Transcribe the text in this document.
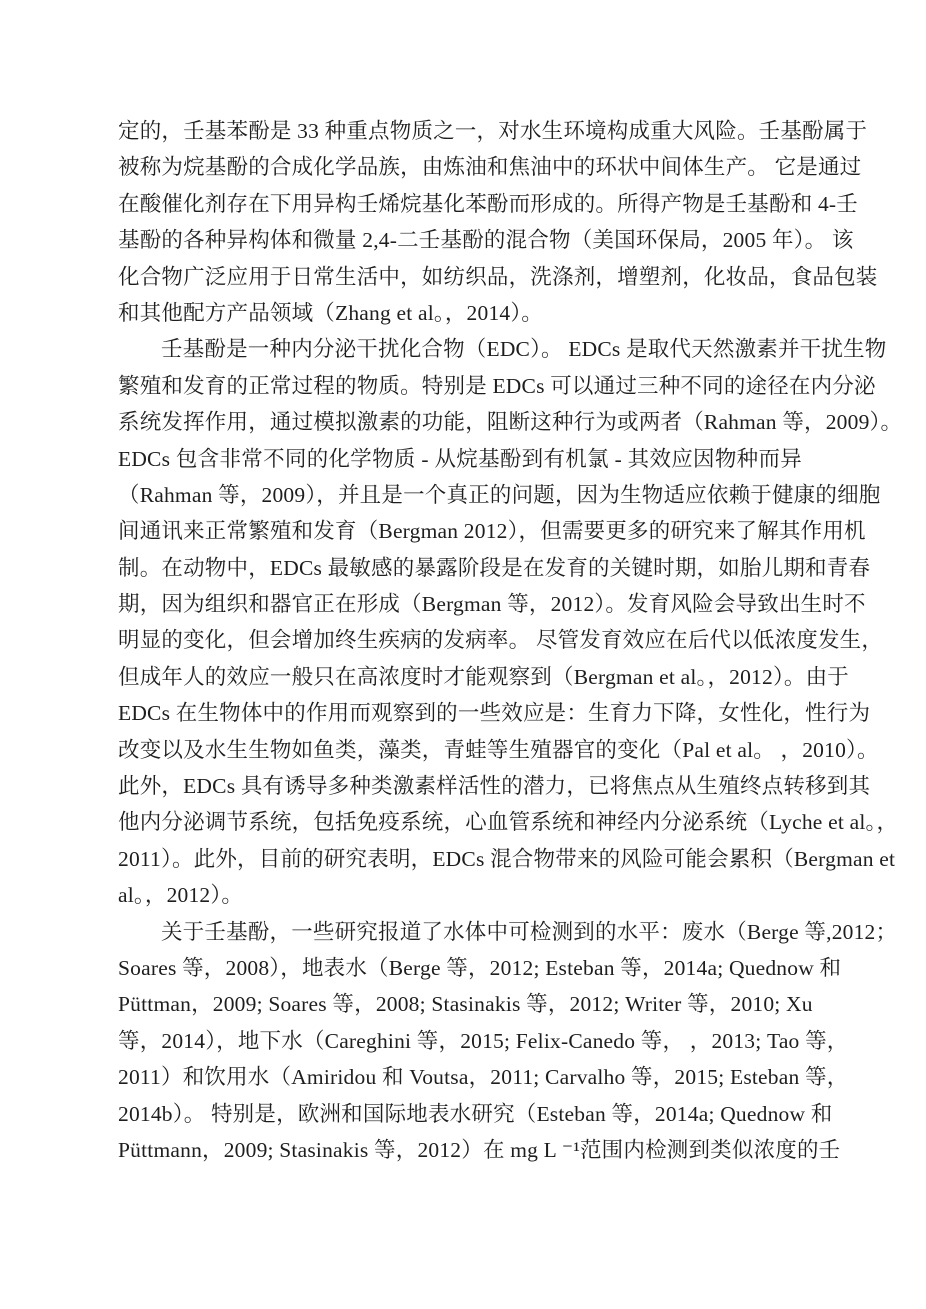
定的，壬基苯酚是 33 种重点物质之一，对水生环境构成重大风险。壬基酚属于
被称为烷基酚的合成化学品族，由炼油和焦油中的环状中间体生产。 它是通过
在酸催化剂存在下用异构壬烯烷基化苯酚而形成的。所得产物是壬基酚和 4-壬
基酚的各种异构体和微量 2,4-二壬基酚的混合物（美国环保局，2005 年）。 该
化合物广泛应用于日常生活中，如纺织品，洗涤剂，增塑剂，化妆品，食品包装
和其他配方产品领域（Zhang et al。，2014）。
壬基酚是一种内分泌干扰化合物（EDC）。 EDCs 是取代天然激素并干扰生物
繁殖和发育的正常过程的物质。特别是 EDCs 可以通过三种不同的途径在内分泌
系统发挥作用，通过模拟激素的功能，阻断这种行为或两者（Rahman 等，2009）。
EDCs 包含非常不同的化学物质 - 从烷基酚到有机氯 - 其效应因物种而异
（Rahman 等，2009），并且是一个真正的问题，因为生物适应依赖于健康的细胞
间通讯来正常繁殖和发育（Bergman 2012），但需要更多的研究来了解其作用机
制。在动物中，EDCs 最敏感的暴露阶段是在发育的关键时期，如胎儿期和青春
期，因为组织和器官正在形成（Bergman 等，2012）。发育风险会导致出生时不
明显的变化，但会增加终生疾病的发病率。 尽管发育效应在后代以低浓度发生，
但成年人的效应一般只在高浓度时才能观察到（Bergman et al。，2012）。由于
EDCs 在生物体中的作用而观察到的一些效应是：生育力下降，女性化，性行为
改变以及水生生物如鱼类，藻类，青蛙等生殖器官的变化（Pal et al。 ，2010）。
此外，EDCs 具有诱导多种类激素样活性的潜力，已将焦点从生殖终点转移到其
他内分泌调节系统，包括免疫系统，心血管系统和神经内分泌系统（Lyche et al。，
2011）。此外，目前的研究表明，EDCs 混合物带来的风险可能会累积（Bergman et
al。，2012）。
关于壬基酚，一些研究报道了水体中可检测到的水平：废水（Berge 等,2012；
Soares 等，2008），地表水（Berge 等，2012; Esteban 等，2014a; Quednow 和
Püttman，2009; Soares 等，2008; Stasinakis 等，2012; Writer 等，2010; Xu
等，2014），地下水（Careghini 等，2015; Felix-Canedo 等， ，2013; Tao 等，
2011）和饮用水（Amiridou 和 Voutsa，2011; Carvalho 等，2015; Esteban 等，
2014b）。 特别是，欧洲和国际地表水研究（Esteban 等，2014a; Quednow 和
Püttmann，2009; Stasinakis 等，2012）在 mg L ⁻¹范围内检测到类似浓度的壬
